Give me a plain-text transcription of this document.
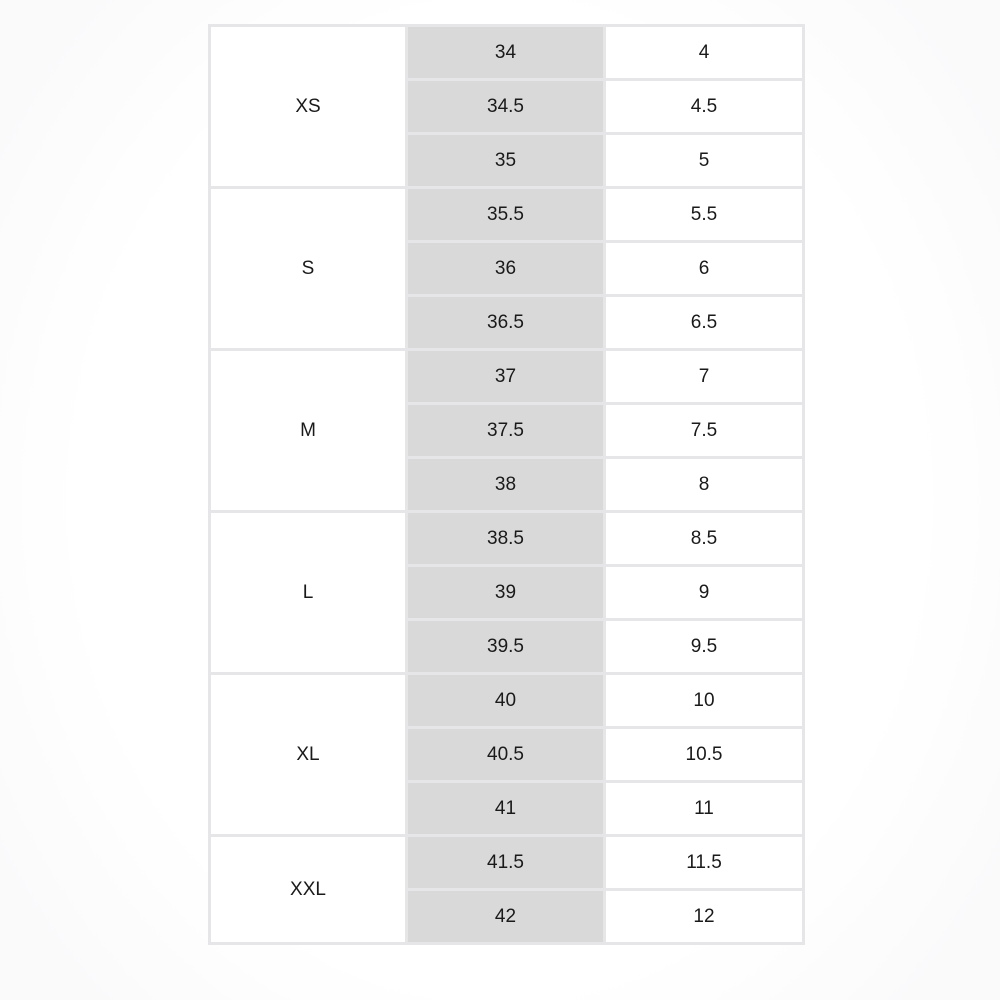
XS	34	4
	34.5	4.5
	35	5
S	35.5	5.5
	36	6
	36.5	6.5
M	37	7
	37.5	7.5
	38	8
L	38.5	8.5
	39	9
	39.5	9.5
XL	40	10
	40.5	10.5
	41	11
XXL	41.5	11.5
	42	12
